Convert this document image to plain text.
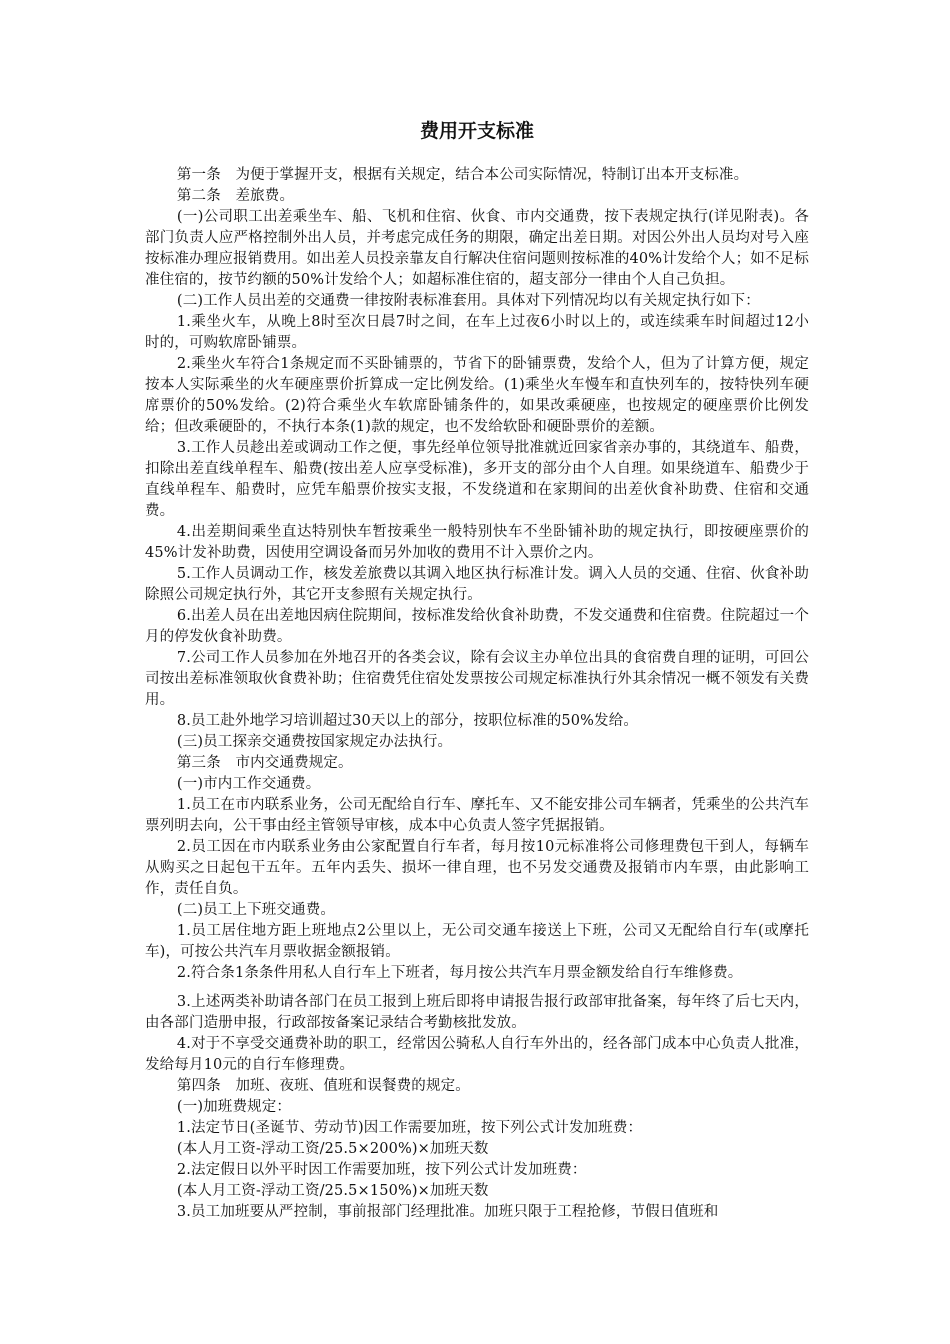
费用开支标准

第一条　为便于掌握开支，根据有关规定，结合本公司实际情况，特制订出本开支标准。

第二条　差旅费。

(一)公司职工出差乘坐车、船、飞机和住宿、伙食、市内交通费，按下表规定执行(详见附表)。各部门负责人应严格控制外出人员，并考虑完成任务的期限，确定出差日期。对因公外出人员均对号入座按标准办理应报销费用。如出差人员投亲靠友自行解决住宿问题则按标准的40%计发给个人；如不足标准住宿的，按节约额的50%计发给个人；如超标准住宿的，超支部分一律由个人自己负担。

(二)工作人员出差的交通费一律按附表标准套用。具体对下列情况均以有关规定执行如下：

1.乘坐火车，从晚上8时至次日晨7时之间，在车上过夜6小时以上的，或连续乘车时间超过12小时的，可购软席卧铺票。

2.乘坐火车符合1条规定而不买卧铺票的，节省下的卧铺票费，发给个人，但为了计算方便，规定按本人实际乘坐的火车硬座票价折算成一定比例发给。(1)乘坐火车慢车和直快列车的，按特快列车硬席票价的50%发给。(2)符合乘坐火车软席卧铺条件的，如果改乘硬座，也按规定的硬座票价比例发给；但改乘硬卧的，不执行本条(1)款的规定，也不发给软卧和硬卧票价的差额。

3.工作人员趁出差或调动工作之便，事先经单位领导批准就近回家省亲办事的，其绕道车、船费，扣除出差直线单程车、船费(按出差人应享受标准)，多开支的部分由个人自理。如果绕道车、船费少于直线单程车、船费时，应凭车船票价按实支报，不发绕道和在家期间的出差伙食补助费、住宿和交通费。

4.出差期间乘坐直达特别快车暂按乘坐一般特别快车不坐卧铺补助的规定执行，即按硬座票价的45%计发补助费，因使用空调设备而另外加收的费用不计入票价之内。

5.工作人员调动工作，核发差旅费以其调入地区执行标准计发。调入人员的交通、住宿、伙食补助除照公司规定执行外，其它开支参照有关规定执行。

6.出差人员在出差地因病住院期间，按标准发给伙食补助费，不发交通费和住宿费。住院超过一个月的停发伙食补助费。

7.公司工作人员参加在外地召开的各类会议，除有会议主办单位出具的食宿费自理的证明，可回公司按出差标准领取伙食费补助；住宿费凭住宿处发票按公司规定标准执行外其余情况一概不领发有关费用。

8.员工赴外地学习培训超过30天以上的部分，按职位标准的50%发给。

(三)员工探亲交通费按国家规定办法执行。

第三条　市内交通费规定。

(一)市内工作交通费。

1.员工在市内联系业务，公司无配给自行车、摩托车、又不能安排公司车辆者，凭乘坐的公共汽车票列明去向，公干事由经主管领导审核，成本中心负责人签字凭据报销。

2.员工因在市内联系业务由公家配置自行车者，每月按10元标准将公司修理费包干到人，每辆车从购买之日起包干五年。五年内丢失、损坏一律自理，也不另发交通费及报销市内车票，由此影响工作，责任自负。

(二)员工上下班交通费。

1.员工居住地方距上班地点2公里以上，无公司交通车接送上下班，公司又无配给自行车(或摩托车)，可按公共汽车月票收据金额报销。

2.符合条1条条件用私人自行车上下班者，每月按公共汽车月票金额发给自行车维修费。

3.上述两类补助请各部门在员工报到上班后即将申请报告报行政部审批备案，每年终了后七天内，由各部门造册申报，行政部按备案记录结合考勤核批发放。

4.对于不享受交通费补助的职工，经常因公骑私人自行车外出的，经各部门成本中心负责人批准，发给每月10元的自行车修理费。

第四条　加班、夜班、值班和误餐费的规定。

(一)加班费规定：

1.法定节日(圣诞节、劳动节)因工作需要加班，按下列公式计发加班费：

(本人月工资-浮动工资/25.5×200%)×加班天数

2.法定假日以外平时因工作需要加班，按下列公式计发加班费：

(本人月工资-浮动工资/25.5×150%)×加班天数

3.员工加班要从严控制，事前报部门经理批准。加班只限于工程抢修，节假日值班和
